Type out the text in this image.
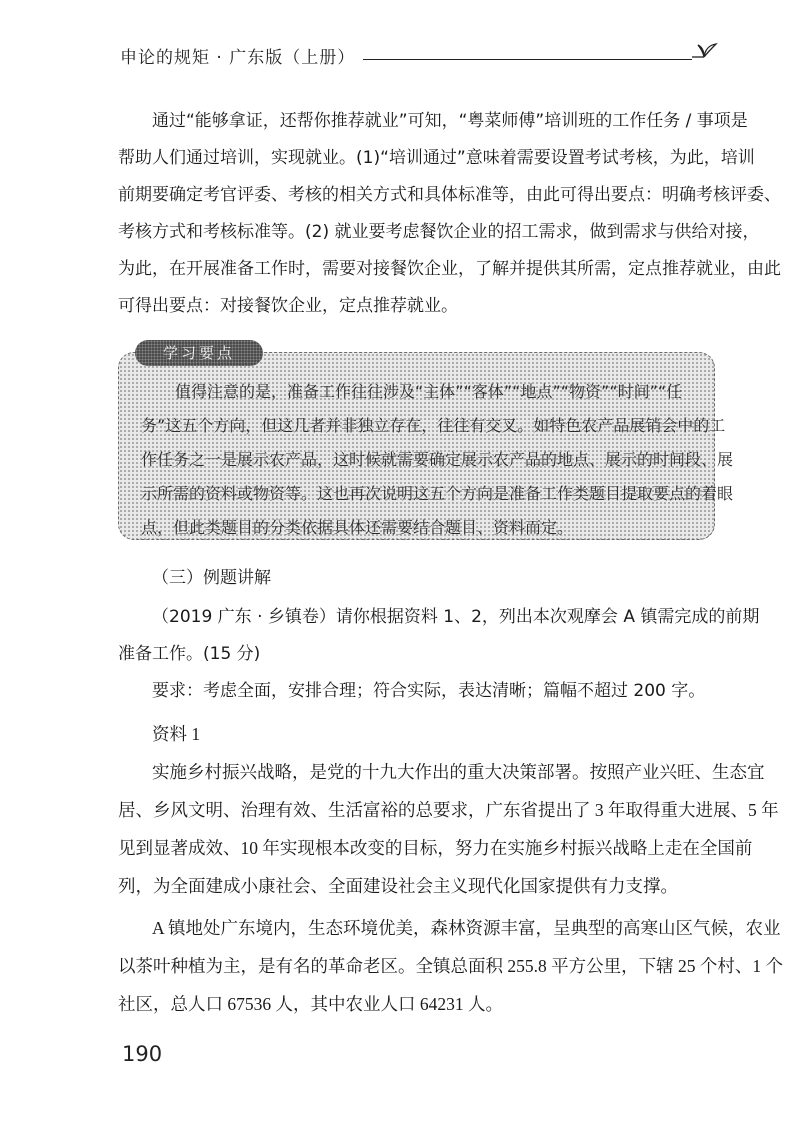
申论的规矩 · 广东版（上册）
通过“能够拿证，还帮你推荐就业”可知，“粤菜师傅”培训班的工作任务 / 事项是
帮助人们通过培训，实现就业。(1)“培训通过”意味着需要设置考试考核，为此，培训
前期要确定考官评委、考核的相关方式和具体标准等，由此可得出要点：明确考核评委、
考核方式和考核标准等。(2) 就业要考虑餐饮企业的招工需求，做到需求与供给对接，
为此，在开展准备工作时，需要对接餐饮企业，了解并提供其所需，定点推荐就业，由此
可得出要点：对接餐饮企业，定点推荐就业。
学习要点
值得注意的是，准备工作往往涉及“主体”“客体”“地点”“物资”“时间”“任
务”这五个方向，但这几者并非独立存在，往往有交叉。如特色农产品展销会中的工
作任务之一是展示农产品，这时候就需要确定展示农产品的地点、展示的时间段、展
示所需的资料或物资等。这也再次说明这五个方向是准备工作类题目提取要点的着眼
点，但此类题目的分类依据具体还需要结合题目、资料而定。
（三）例题讲解
（2019 广东 · 乡镇卷）请你根据资料 1、2，列出本次观摩会 A 镇需完成的前期
准备工作。(15 分)
要求：考虑全面，安排合理；符合实际，表达清晰；篇幅不超过 200 字。
资料 1
实施乡村振兴战略，是党的十九大作出的重大决策部署。按照产业兴旺、生态宜
居、乡风文明、治理有效、生活富裕的总要求，广东省提出了 3 年取得重大进展、5 年
见到显著成效、10 年实现根本改变的目标，努力在实施乡村振兴战略上走在全国前
列，为全面建成小康社会、全面建设社会主义现代化国家提供有力支撑。
A 镇地处广东境内，生态环境优美，森林资源丰富，呈典型的高寒山区气候，农业
以茶叶种植为主，是有名的革命老区。全镇总面积 255.8 平方公里，下辖 25 个村、1 个
社区，总人口 67536 人，其中农业人口 64231 人。
190
